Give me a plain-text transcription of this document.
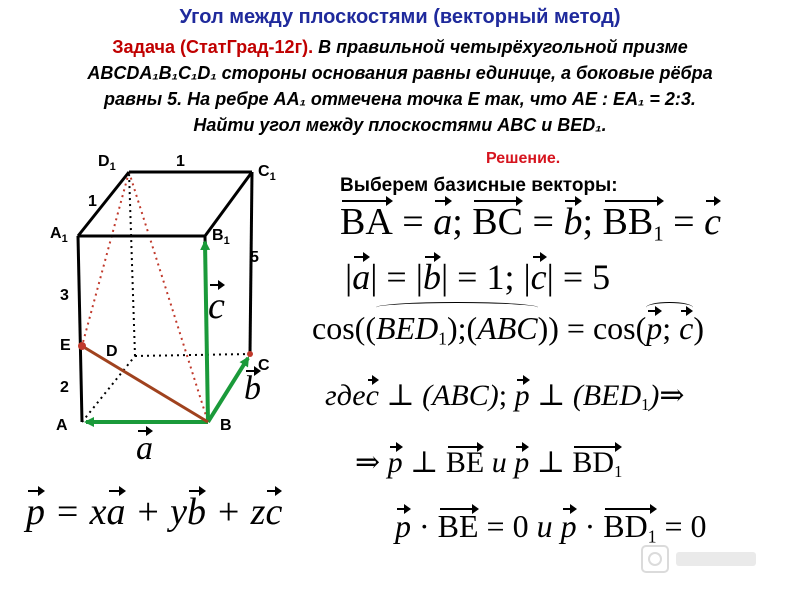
Угол между плоскостями (векторный метод)
Задача (СтатГрад-12г). В правильной четырёхугольной призме
ABCDA₁B₁C₁D₁ стороны основания равны единице, а боковые рёбра
равны 5. На ребре AA₁ отмечена точка E так, что AE : EA₁ = 2:3.
Найти угол между плоскостями ABC и BED₁.
$D_1$	$C_1$
$A_1$	$B_1$
E D
C
A	B
1
1
3
2
5
c
b
a
Решение.
Выберем базисные векторы:
BA = a; BC = b; $BB_1 = c$
|a| = |b| = 1; |c| = 5
$\cos((BED_1);(ABC)) = \cos(p$; c)
гдеc ⊥ (ABC); p ⊥ $(BED_1)\Rightarrow$
⇒ p ⊥ BE и p ⊥ $BD_1$
p · BE = 0 и $p \cdot BD_1 = 0$
p = xa + yb + zc
